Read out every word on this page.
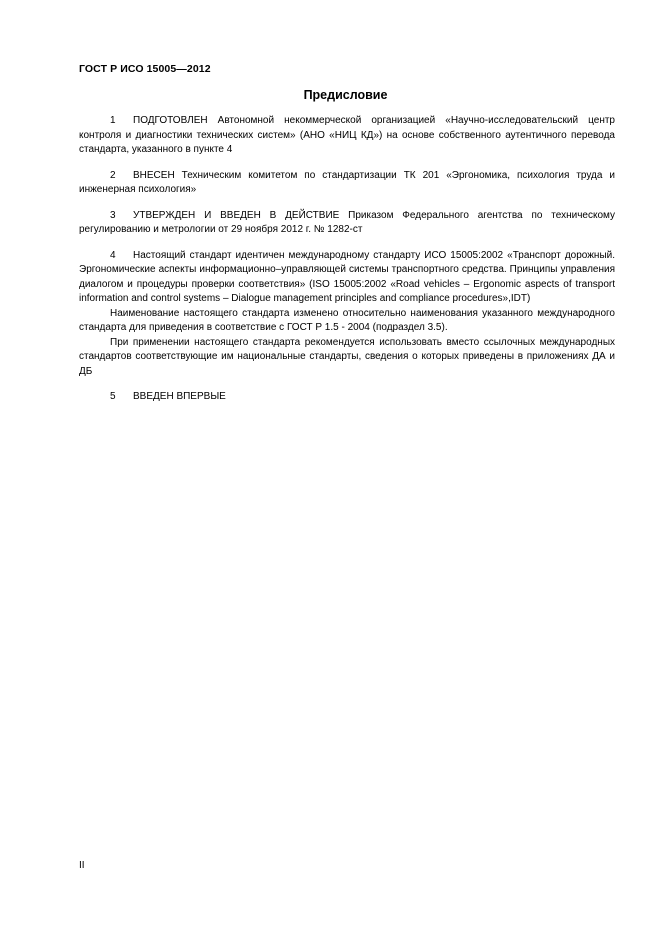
ГОСТ Р ИСО 15005—2012
Предисловие

1 ПОДГОТОВЛЕН Автономной некоммерческой организацией «Научно-исследовательский центр контроля и диагностики технических систем» (АНО «НИЦ КД») на основе собственного аутентичного перевода стандарта, указанного в пункте 4

2 ВНЕСЕН Техническим комитетом по стандартизации ТК 201 «Эргономика, психология труда и инженерная психология»

3 УТВЕРЖДЕН И ВВЕДЕН В ДЕЙСТВИЕ Приказом Федерального агентства по техническому регулированию и метрологии от 29 ноября 2012 г. № 1282-ст

4 Настоящий стандарт идентичен международному стандарту ИСО 15005:2002 «Транспорт дорожный. Эргономические аспекты информационно–управляющей системы транспортного средства. Принципы управления диалогом и процедуры проверки соответствия» (ISO 15005:2002 «Road vehicles – Ergonomic aspects of transport information and control systems – Dialogue management principles and compliance procedures»,IDT)

Наименование настоящего стандарта изменено относительно наименования указанного международного стандарта для приведения в соответствие с ГОСТ Р 1.5 - 2004 (подраздел 3.5).

При применении настоящего стандарта рекомендуется использовать вместо ссылочных международных стандартов соответствующие им национальные стандарты, сведения о которых приведены в приложениях ДА и ДБ

5 ВВЕДЕН ВПЕРВЫЕ

II
